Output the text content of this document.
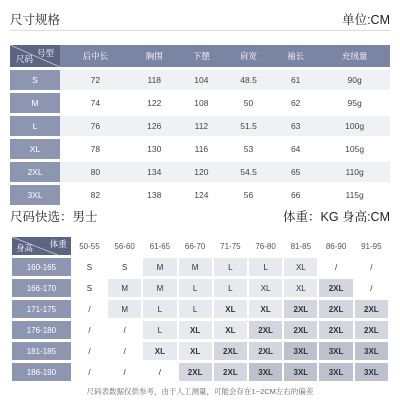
尺寸规格	单位:CM
号型
尺码	后中长	胸围	下摆	肩宽	袖长	充绒量
S	72	118	104	48.5	61	90g
M	74	122	108	50	62	95g
L	76	126	112	51.5	63	100g
XL	78	130	116	53	64	105g
2XL	80	134	120	54.5	65	110g
3XL	82	138	124	56	66	115g
尺码快选：男士	体重：KG 身高:CM
体重
身高	50-55	56-60	61-65	66-70	71-75	76-80	81-85	86-90	91-95
160-165	S	S	M	M	L	L	XL	/	/
166-170	S	M	M	L	L	XL	XL	2XL	/
171-175	/	M	L	L	XL	XL	2XL	2XL	2XL
176-180	/	/	L	XL	XL	2XL	2XL	2XL	2XL
181-185	/	/	XL	XL	2XL	2XL	3XL	3XL	3XL
186-190	/	/	/	2XL	2XL	3XL	3XL	3XL	3XL
尺码表数据仅供参考，由于人工测量，可能会存在1~2CM左右的偏差
